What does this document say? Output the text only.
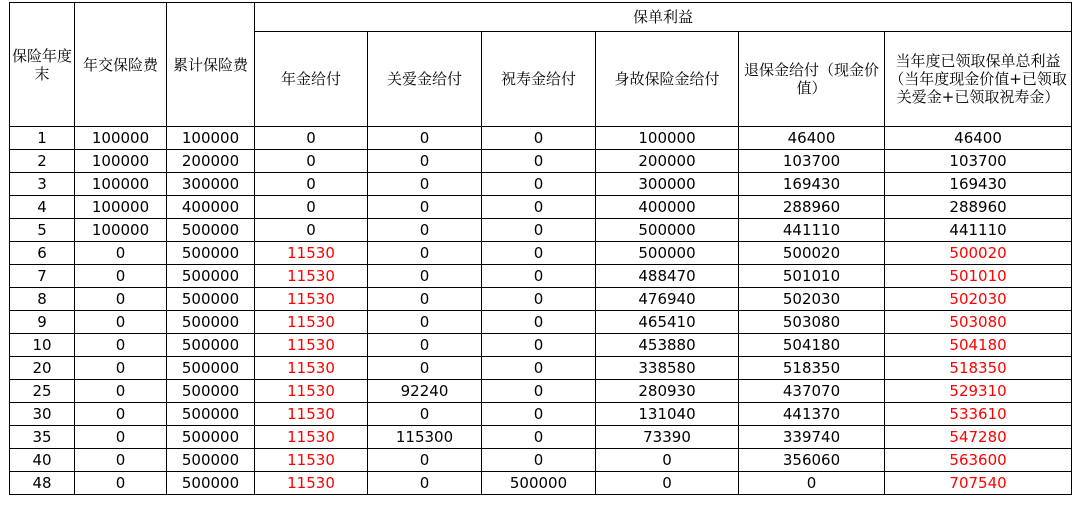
保险年度末	年交保险费	累计保险费	保单利益					
			年金给付	关爱金给付	祝寿金给付	身故保险金给付	退保金给付（现金价值）	当年度已领取保单总利益（当年度现金价值+已领取关爱金+已领取祝寿金）
1	100000	100000	0	0	0	100000	46400	46400
2	100000	200000	0	0	0	200000	103700	103700
3	100000	300000	0	0	0	300000	169430	169430
4	100000	400000	0	0	0	400000	288960	288960
5	100000	500000	0	0	0	500000	441110	441110
6	0	500000	11530	0	0	500000	500020	500020
7	0	500000	11530	0	0	488470	501010	501010
8	0	500000	11530	0	0	476940	502030	502030
9	0	500000	11530	0	0	465410	503080	503080
10	0	500000	11530	0	0	453880	504180	504180
20	0	500000	11530	0	0	338580	518350	518350
25	0	500000	11530	92240	0	280930	437070	529310
30	0	500000	11530	0	0	131040	441370	533610
35	0	500000	11530	115300	0	73390	339740	547280
40	0	500000	11530	0	0	0	356060	563600
48	0	500000	11530	0	500000	0	0	707540
